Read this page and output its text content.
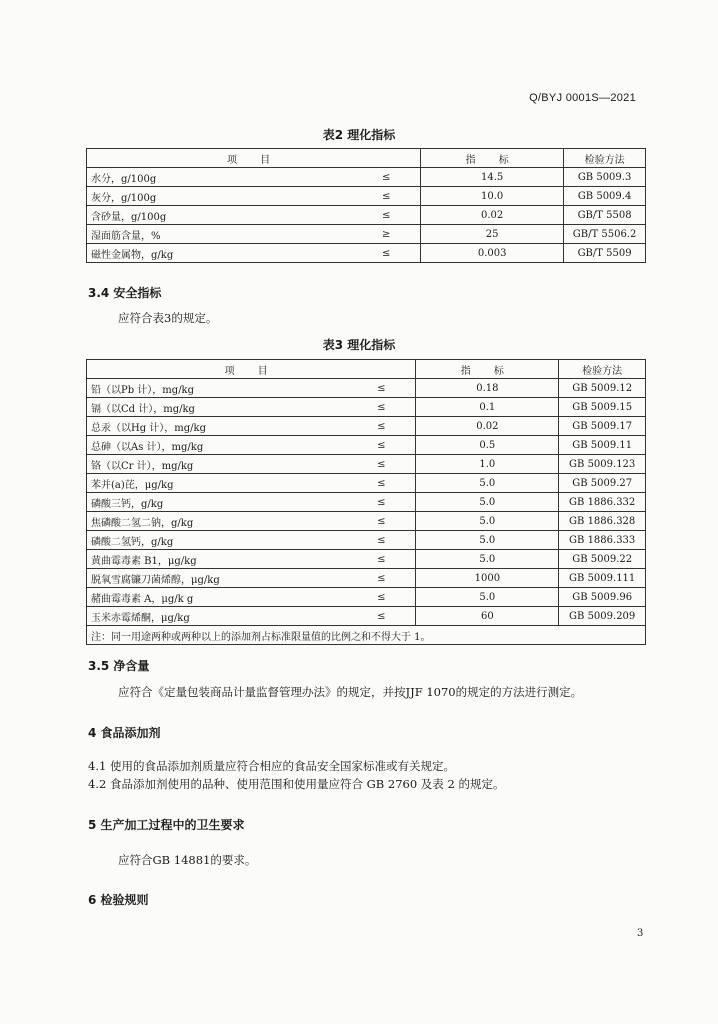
Q/BYJ 0001S—2021
表2 理化指标
项 目		指 标	检验方法
水分，g/100g	≤	14.5	GB 5009.3
灰分，g/100g	≤	10.0	GB 5009.4
含砂量，g/100g	≤	0.02	GB/T 5508
湿面筋含量，%	≥	25	GB/T 5506.2
磁性金属物，g/kg	≤	0.003	GB/T 5509
3.4 安全指标
应符合表3的规定。
表3 理化指标
项 目		指 标	检验方法
铅（以Pb 计），mg/kg	≤	0.18	GB 5009.12
镉（以Cd 计），mg/kg	≤	0.1	GB 5009.15
总汞（以Hg 计），mg/kg	≤	0.02	GB 5009.17
总砷（以As 计），mg/kg	≤	0.5	GB 5009.11
铬（以Cr 计），mg/kg	≤	1.0	GB 5009.123
苯并(a)芘，μg/kg	≤	5.0	GB 5009.27
磷酸三钙，g/kg	≤	5.0	GB 1886.332
焦磷酸二氢二钠，g/kg	≤	5.0	GB 1886.328
磷酸二氢钙，g/kg	≤	5.0	GB 1886.333
黄曲霉毒素 B1，μg/kg	≤	5.0	GB 5009.22
脱氧雪腐镰刀菌烯醇，μg/kg	≤	1000	GB 5009.111
赭曲霉毒素 A，μg/k g	≤	5.0	GB 5009.96
玉米赤霉烯酮，μg/kg	≤	60	GB 5009.209
注：同一用途两种或两种以上的添加剂占标准限量值的比例之和不得大于 1。			
3.5 净含量
应符合《定量包装商品计量监督管理办法》的规定，并按JJF 1070的规定的方法进行测定。
4 食品添加剂
4.1 使用的食品添加剂质量应符合相应的食品安全国家标准或有关规定。
4.2 食品添加剂使用的品种、使用范围和使用量应符合 GB 2760 及表 2 的规定。
5 生产加工过程中的卫生要求
应符合GB 14881的要求。
6 检验规则
3
